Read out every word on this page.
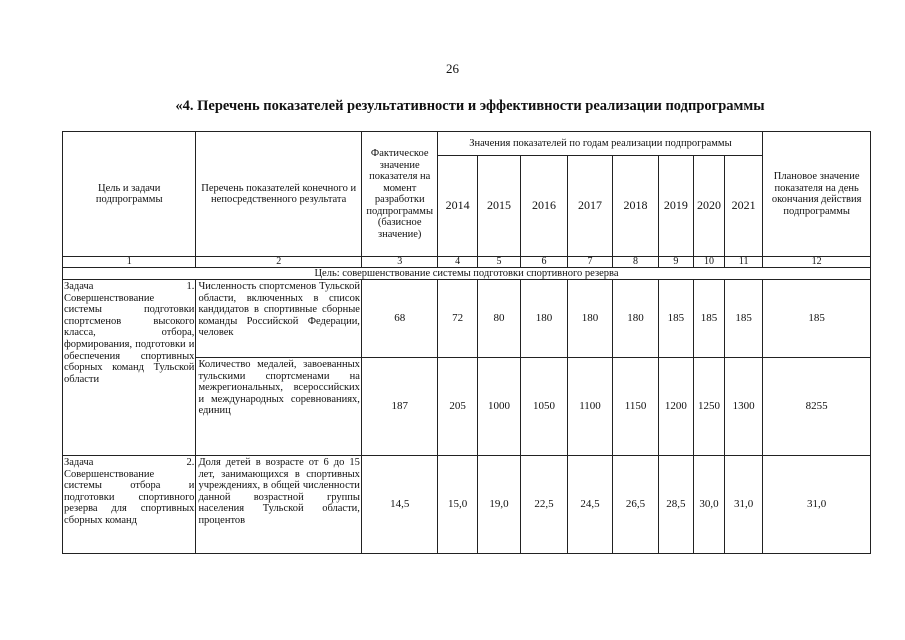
26
«4. Перечень показателей результативности и эффективности реализации подпрограммы
Цель и задачи подпрограммы	Перечень показателей конечного и непосредственного результата	Фактическое значение показателя на момент разработки подпрограммы (базисное значение)	Значения показателей по годам реализации подпрограммы								Плановое значение показателя на день окончания действия подпрограммы
			2014	2015	2016	2017	2018	2019	2020	2021	
1	2	3	4	5	6	7	8	9	10	11	12
Цель: совершенствование системы подготовки спортивного резерва											
Задача 1. Совершенствование системы подготовки спортсменов высокого класса, отбора, формирования, подготовки и обеспечения спортивных сборных команд Тульской области	Численность спортсменов Тульской области, включенных в список кандидатов в спортивные сборные команды Российской Федерации, человек	68	72	80	180	180	180	185	185	185	185
	Количество медалей, завоеванных тульскими спортсменами на межрегиональных, всероссийских и международных соревнованиях, единиц	187	205	1000	1050	1100	1150	1200	1250	1300	8255
Задача 2. Совершенствование системы отбора и подготовки спортивного резерва для спортивных сборных команд	Доля детей в возрасте от 6 до 15 лет, занимающихся в спортивных учреждениях, в общей численности данной возрастной группы населения Тульской области, процентов	14,5	15,0	19,0	22,5	24,5	26,5	28,5	30,0	31,0	31,0
